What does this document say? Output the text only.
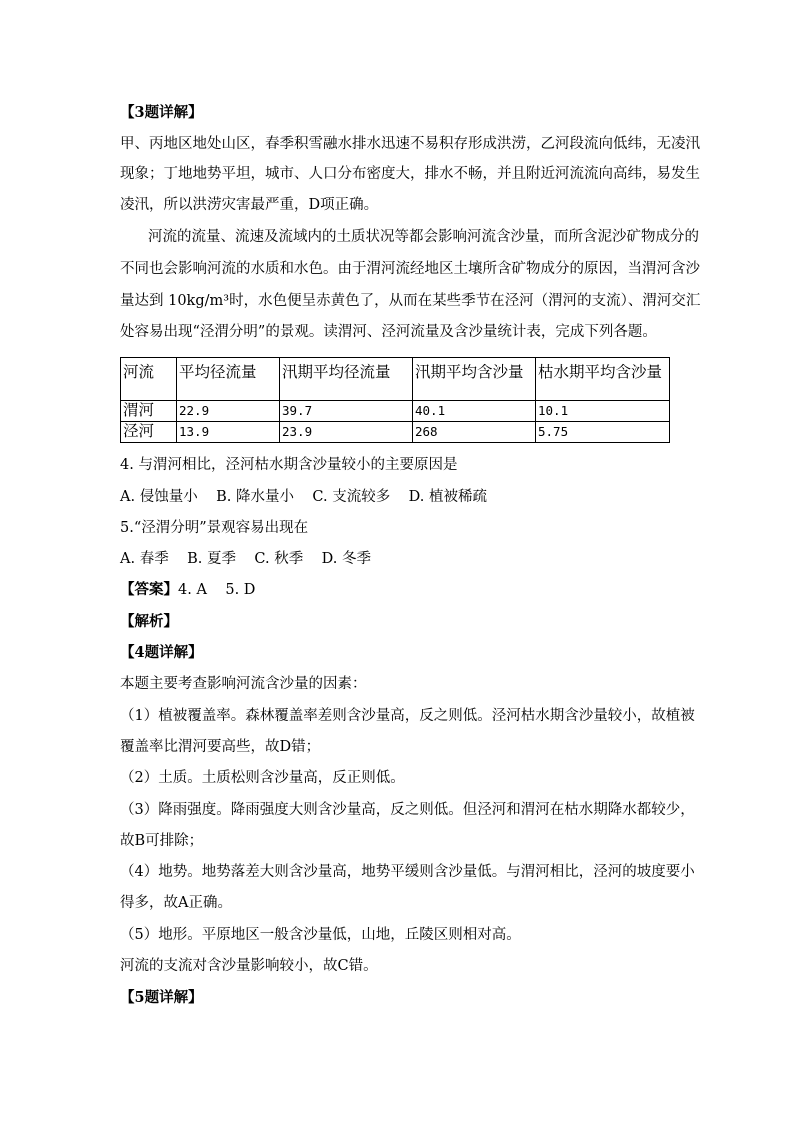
【3题详解】
甲、丙地区地处山区，春季积雪融水排水迅速不易积存形成洪涝，乙河段流向低纬，无凌汛
现象；丁地地势平坦，城市、人口分布密度大，排水不畅，并且附近河流流向高纬，易发生
凌汛，所以洪涝灾害最严重，D项正确。
河流的流量、流速及流域内的土质状况等都会影响河流含沙量，而所含泥沙矿物成分的
不同也会影响河流的水质和水色。由于渭河流经地区土壤所含矿物成分的原因，当渭河含沙
量达到 10kg/m³时，水色便呈赤黄色了，从而在某些季节在泾河（渭河的支流）、渭河交汇
处容易出现“泾渭分明”的景观。读渭河、泾河流量及含沙量统计表，完成下列各题。
河流	平均径流量	汛期平均径流量	汛期平均含沙量	枯水期平均含沙量
渭河	22.9	39.7	40.1	10.1
泾河	13.9	23.9	268	5.75
4. 与渭河相比，泾河枯水期含沙量较小的主要原因是
A. 侵蚀量小    B. 降水量小    C. 支流较多    D. 植被稀疏
5.“泾渭分明”景观容易出现在
A. 春季    B. 夏季    C. 秋季    D. 冬季
【答案】4. A    5. D
【解析】
【4题详解】
本题主要考查影响河流含沙量的因素：
（1）植被覆盖率。森林覆盖率差则含沙量高，反之则低。泾河枯水期含沙量较小，故植被
覆盖率比渭河要高些，故D错；
（2）土质。土质松则含沙量高，反正则低。
（3）降雨强度。降雨强度大则含沙量高，反之则低。但泾河和渭河在枯水期降水都较少，
故B可排除；
（4）地势。地势落差大则含沙量高，地势平缓则含沙量低。与渭河相比，泾河的坡度要小
得多，故A正确。
（5）地形。平原地区一般含沙量低，山地，丘陵区则相对高。
河流的支流对含沙量影响较小，故C错。
【5题详解】
